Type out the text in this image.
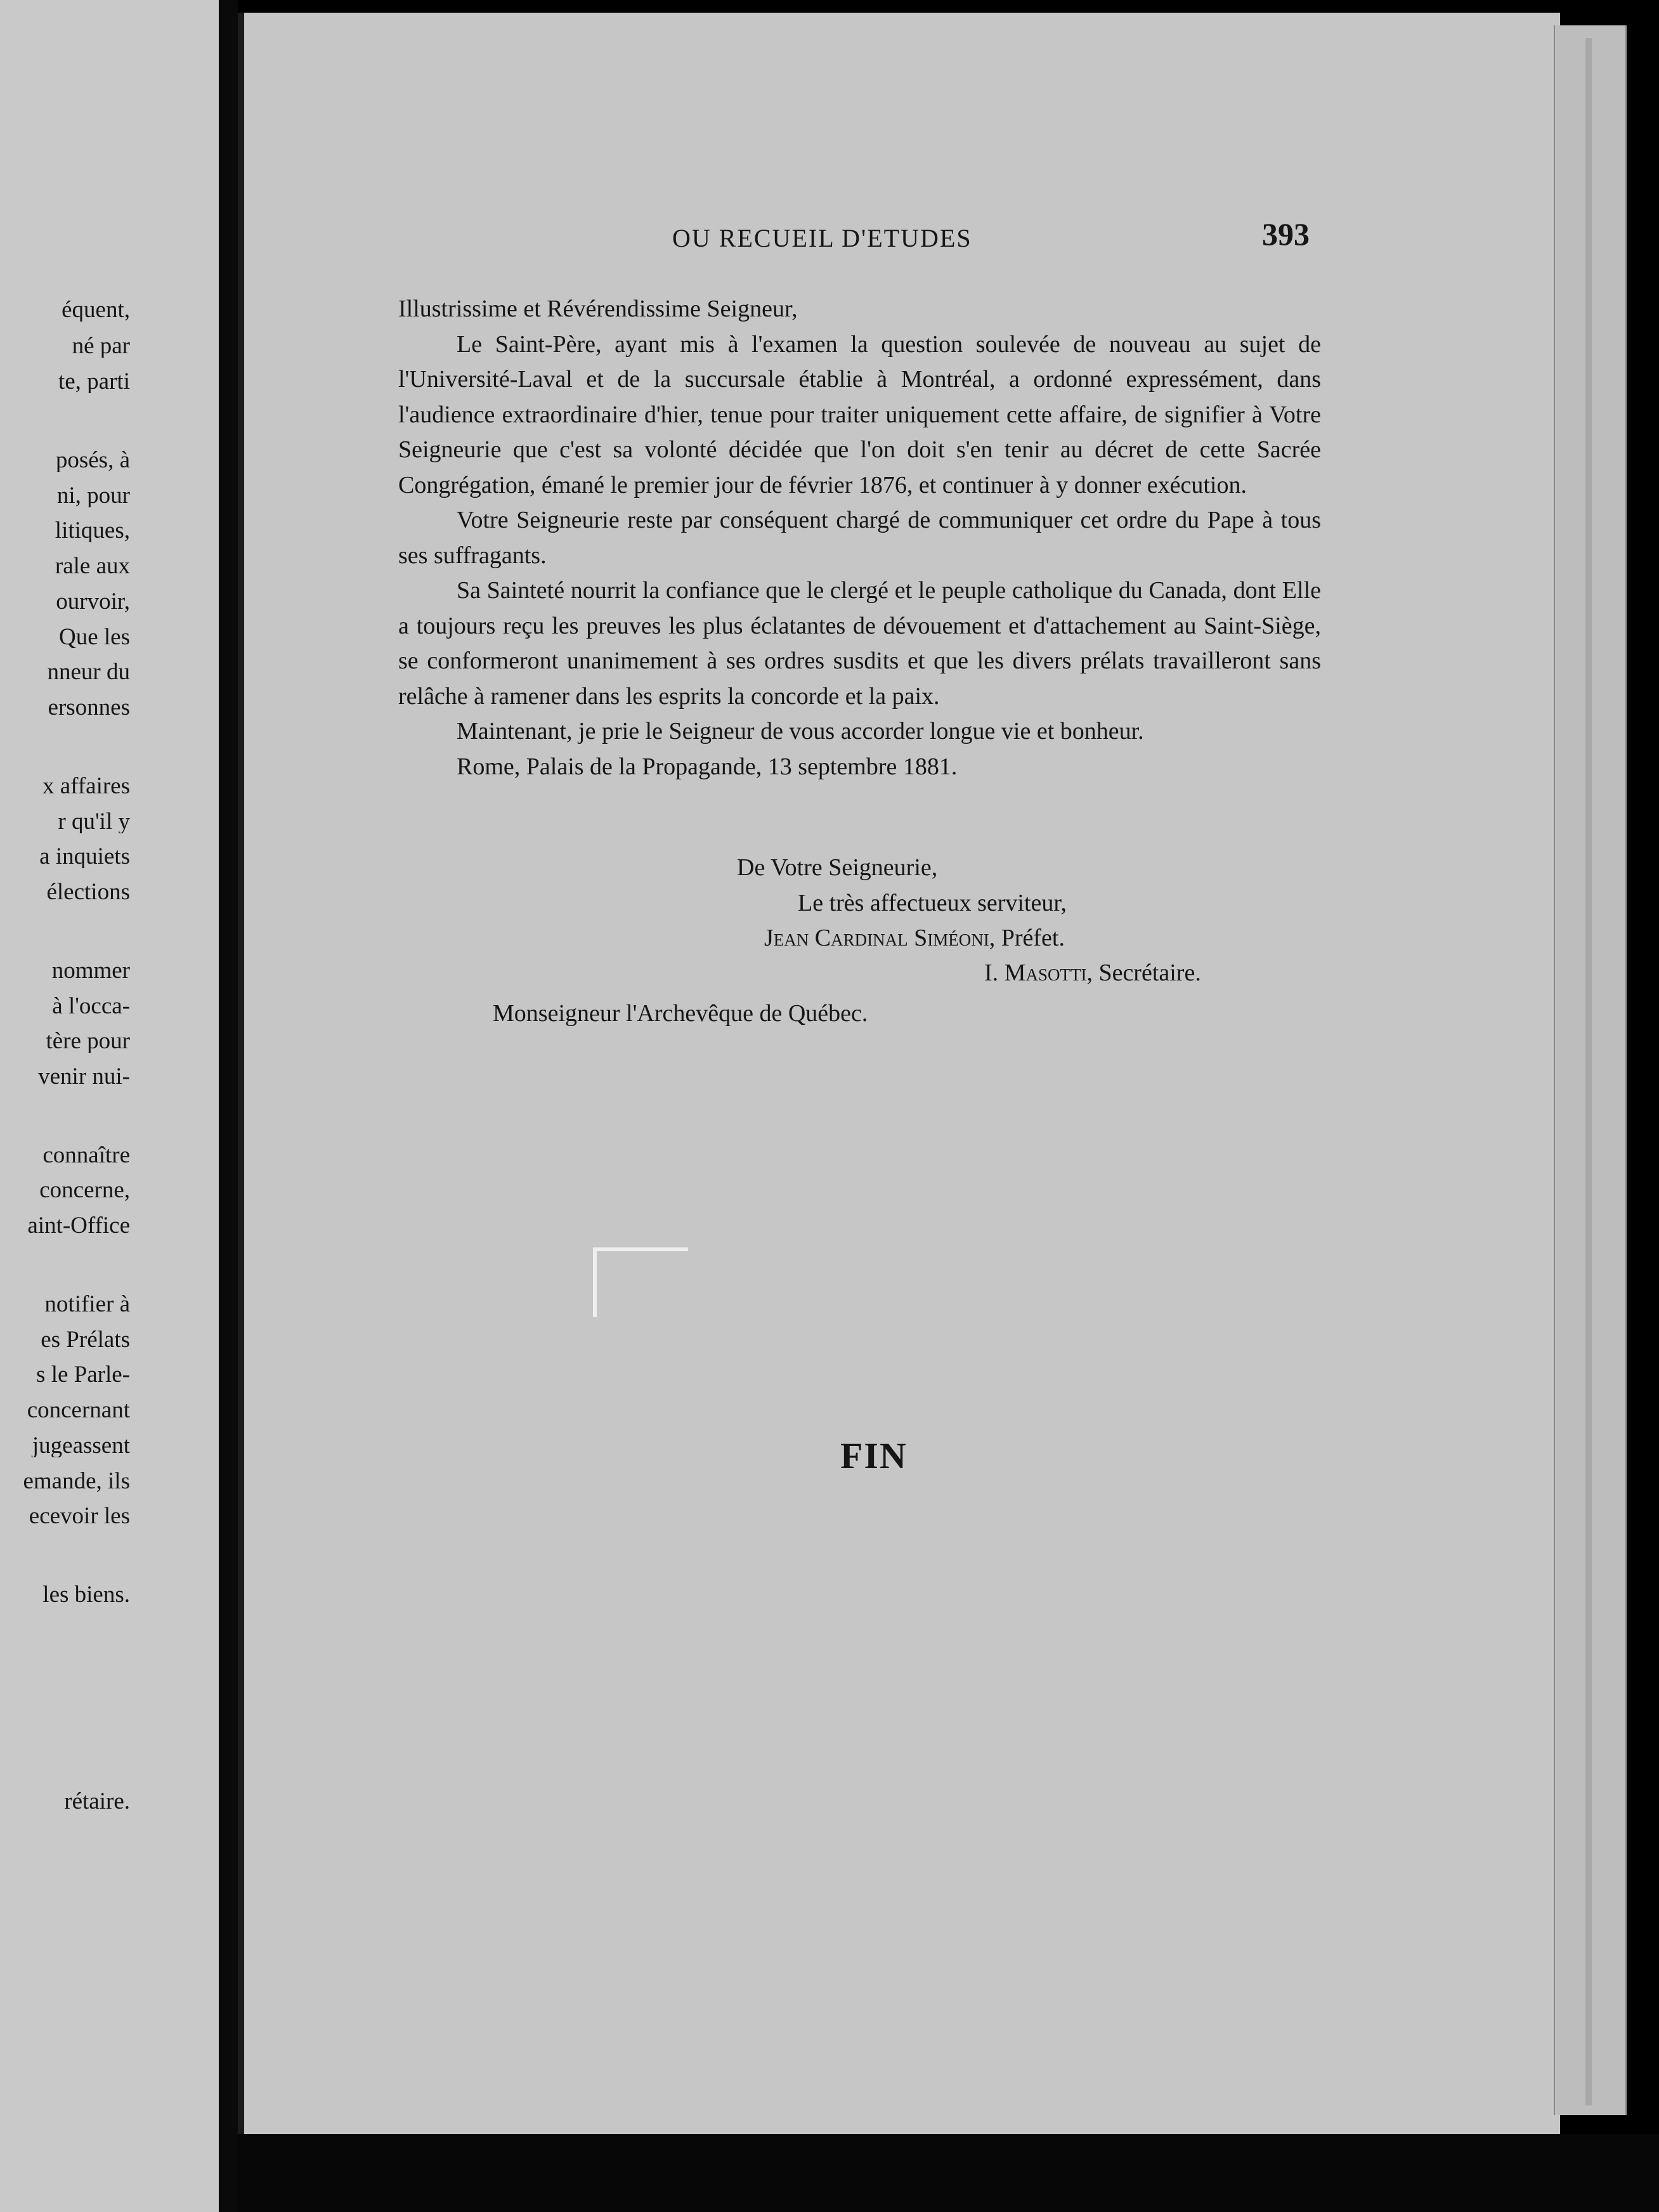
équent,
né par
te, parti
posés, à
ni, pour
litiques,
rale aux
ourvoir,
Que les
nneur du
ersonnes
x affaires
r qu'il y
a inquiets
élections
nommer
à l'occa-
tère pour
venir nui-
connaître
concerne,
aint-Office
notifier à
es Prélats
s le Parle-
concernant
jugeassent
emande, ils
ecevoir les
les biens.
rétaire.
OU RECUEIL D'ETUDES	393

Illustrissime et Révérendissime Seigneur,

Le Saint-Père, ayant mis à l'examen la question soulevée de nouveau au sujet de l'Université-Laval et de la succursale établie à Montréal, a ordonné expressément, dans l'audience extraordinaire d'hier, tenue pour traiter uniquement cette affaire, de signifier à Votre Seigneurie que c'est sa volonté décidée que l'on doit s'en tenir au décret de cette Sacrée Congrégation, émané le premier jour de février 1876, et continuer à y donner exécution.

Votre Seigneurie reste par conséquent chargé de communiquer cet ordre du Pape à tous ses suffragants.

Sa Sainteté nourrit la confiance que le clergé et le peuple catholique du Canada, dont Elle a toujours reçu les preuves les plus éclatantes de dévouement et d'attachement au Saint-Siège, se conformeront unanimement à ses ordres susdits et que les divers prélats travailleront sans relâche à ramener dans les esprits la concorde et la paix.

Maintenant, je prie le Seigneur de vous accorder longue vie et bonheur.

Rome, Palais de la Propagande, 13 septembre 1881.

De Votre Seigneurie,
Le très affectueux serviteur,
Jean Cardinal Siméoni, Préfet.
I. Masotti, Secrétaire.
Monseigneur l'Archevêque de Québec.
FIN
